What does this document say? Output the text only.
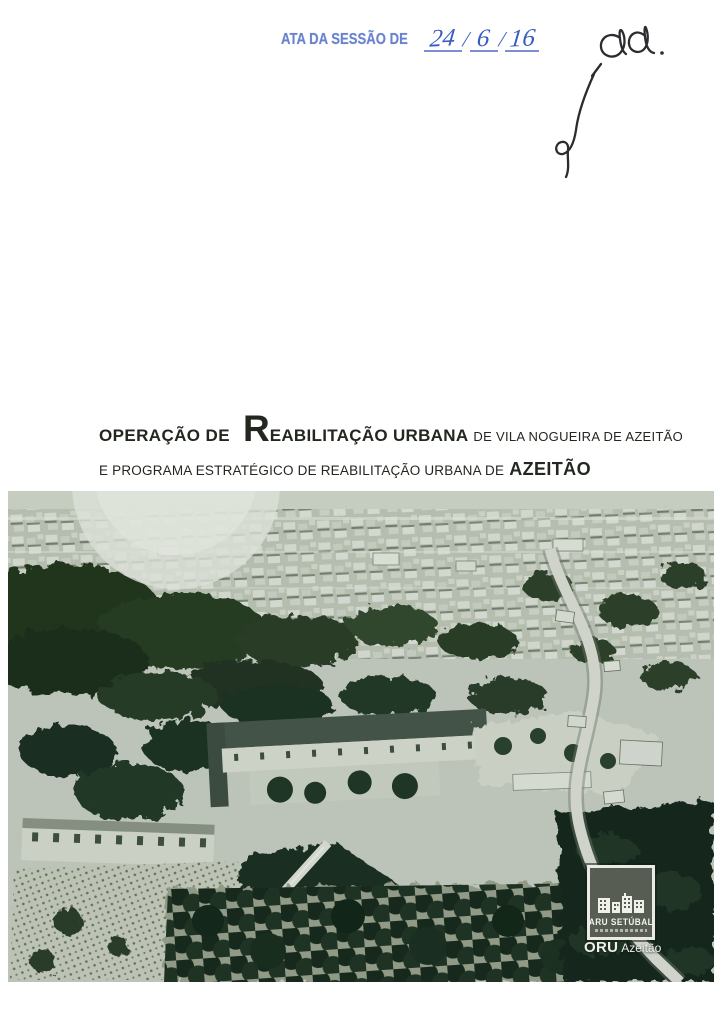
ATA DA SESSÃO DE 24 / 6 / 16
OPERAÇÃO DE REABILITAÇÃO URBANA DE VILA NOGUEIRA DE AZEITÃO
E PROGRAMA ESTRATÉGICO DE REABILITAÇÃO URBANA DE AZEITÃO
ARU SETÚBAL
ORU Azeitão
